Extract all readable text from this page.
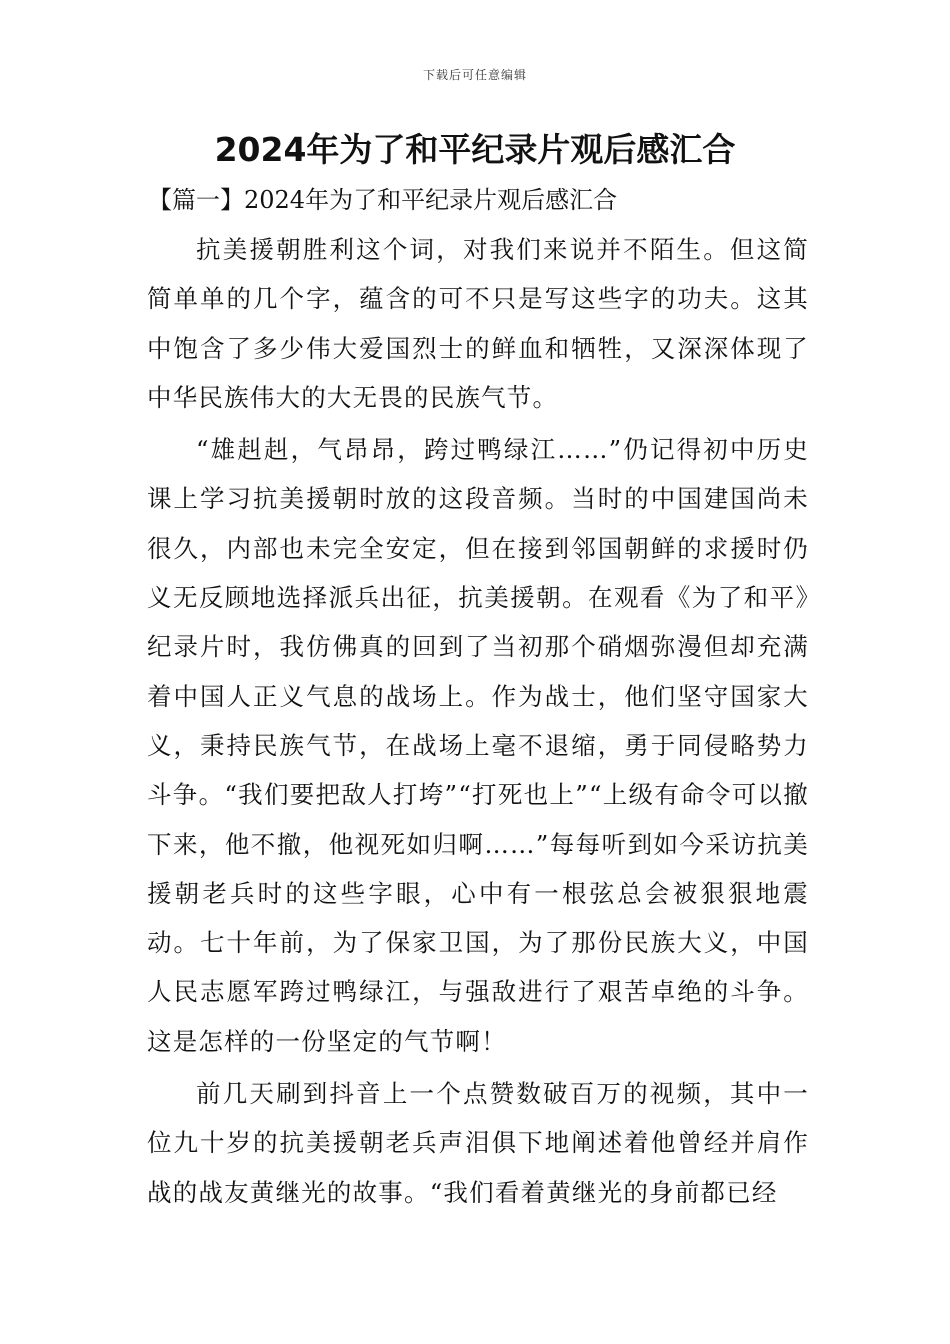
下载后可任意编辑
2024年为了和平纪录片观后感汇合
【篇一】2024年为了和平纪录片观后感汇合

抗美援朝胜利这个词，对我们来说并不陌生。但这简简单单的几个字，蕴含的可不只是写这些字的功夫。这其中饱含了多少伟大爱国烈士的鲜血和牺牲，又深深体现了中华民族伟大的大无畏的民族气节。

“雄赳赳，气昂昂，跨过鸭绿江……”仍记得初中历史课上学习抗美援朝时放的这段音频。当时的中国建国尚未很久，内部也未完全安定，但在接到邻国朝鲜的求援时仍义无反顾地选择派兵出征，抗美援朝。在观看《为了和平》纪录片时，我仿佛真的回到了当初那个硝烟弥漫但却充满着中国人正义气息的战场上。作为战士，他们坚守国家大义，秉持民族气节，在战场上毫不退缩，勇于同侵略势力斗争。“我们要把敌人打垮”“打死也上”“上级有命令可以撤下来，他不撤，他视死如归啊……”每每听到如今采访抗美援朝老兵时的这些字眼，心中有一根弦总会被狠狠地震动。七十年前，为了保家卫国，为了那份民族大义，中国人民志愿军跨过鸭绿江，与强敌进行了艰苦卓绝的斗争。这是怎样的一份坚定的气节啊！

前几天刷到抖音上一个点赞数破百万的视频，其中一位九十岁的抗美援朝老兵声泪俱下地阐述着他曾经并肩作战的战友黄继光的故事。“我们看着黄继光的身前都已经
